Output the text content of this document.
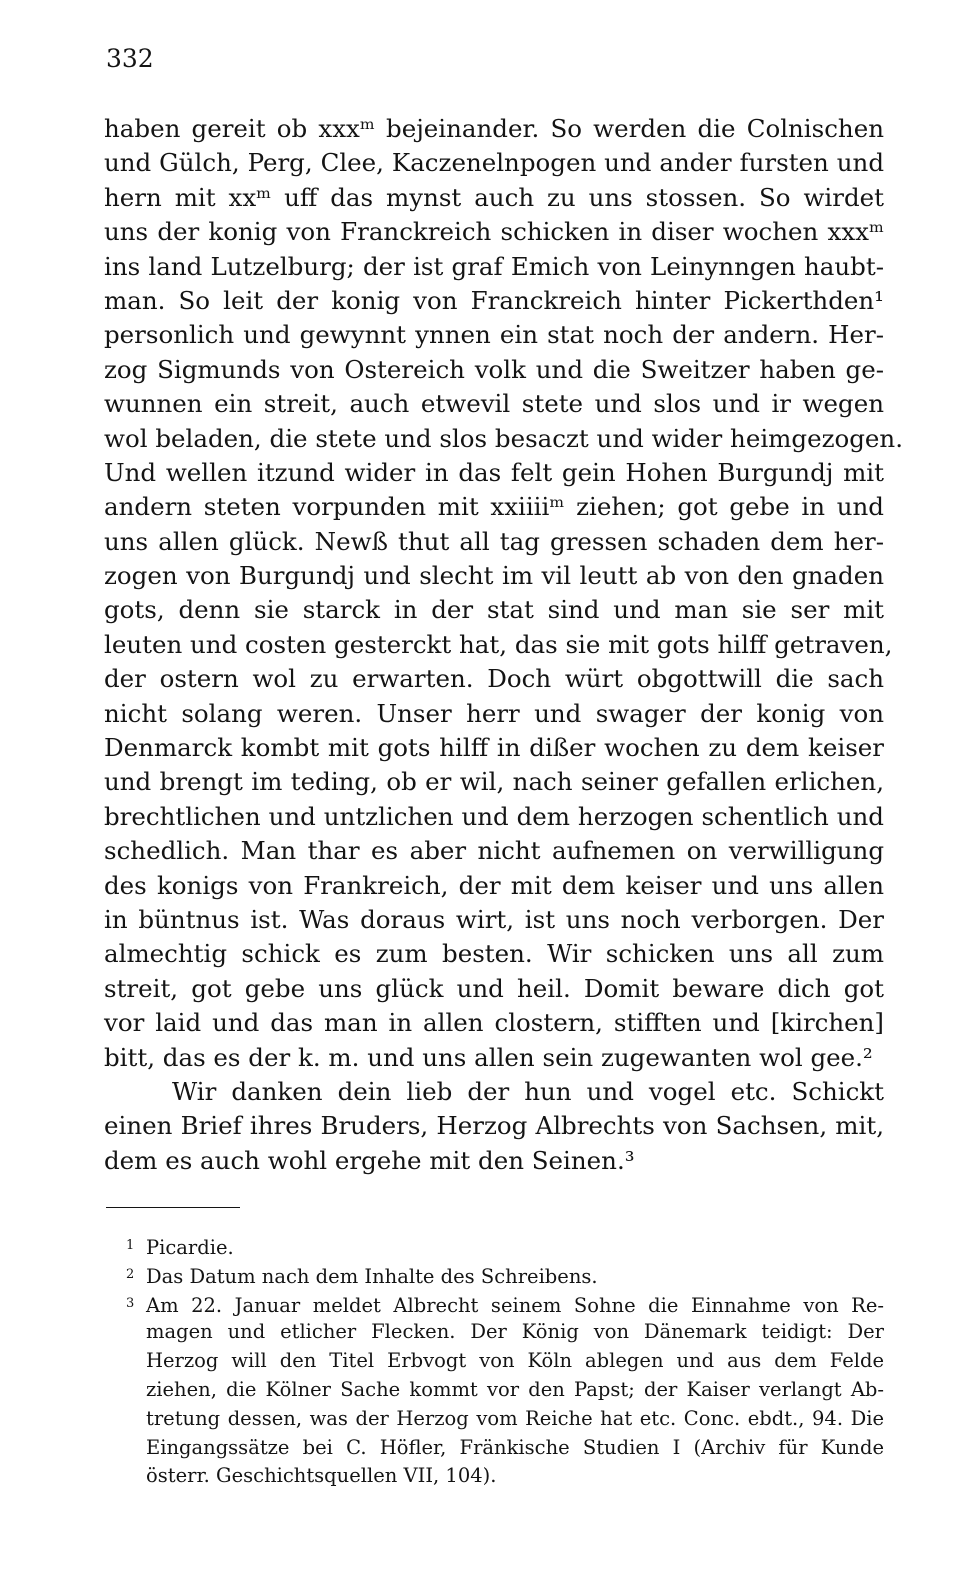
332
haben gereit ob xxxᵐ bejeinander. So werden die Colnischen
und Gülch, Perg, Clee, Kaczenelnpogen und ander fursten und
hern mit xxᵐ uff das mynst auch zu uns stossen. So wirdet
uns der konig von Franckreich schicken in diser wochen xxxᵐ
ins land Lutzelburg; der ist graf Emich von Leinynngen haubt-
man. So leit der konig von Franckreich hinter Pickerthden¹
personlich und gewynnt ynnen ein stat noch der andern. Her-
zog Sigmunds von Ostereich volk und die Sweitzer haben ge-
wunnen ein streit, auch etwevil stete und slos und ir wegen
wol beladen, die stete und slos besaczt und wider heimgezogen.
Und wellen itzund wider in das felt gein Hohen Burgundj mit
andern steten vorpunden mit xxiiiiᵐ ziehen; got gebe in und
uns allen glück. Newß thut all tag gressen schaden dem her-
zogen von Burgundj und slecht im vil leutt ab von den gnaden
gots, denn sie starck in der stat sind und man sie ser mit
leuten und costen gesterckt hat, das sie mit gots hilff getraven,
der ostern wol zu erwarten. Doch würt obgottwill die sach
nicht solang weren. Unser herr und swager der konig von
Denmarck kombt mit gots hilff in dißer wochen zu dem keiser
und brengt im teding, ob er wil, nach seiner gefallen erlichen,
brechtlichen und untzlichen und dem herzogen schentlich und
schedlich. Man thar es aber nicht aufnemen on verwilligung
des konigs von Frankreich, der mit dem keiser und uns allen
in büntnus ist. Was doraus wirt, ist uns noch verborgen. Der
almechtig schick es zum besten. Wir schicken uns all zum
streit, got gebe uns glück und heil. Domit beware dich got
vor laid und das man in allen clostern, stifften und [kirchen]
bitt, das es der k. m. und uns allen sein zugewanten wol gee.²
Wir danken dein lieb der hun und vogel etc. Schickt
einen Brief ihres Bruders, Herzog Albrechts von Sachsen, mit,
dem es auch wohl ergehe mit den Seinen.³
1 Picardie.
2 Das Datum nach dem Inhalte des Schreibens.
3 Am 22. Januar meldet Albrecht seinem Sohne die Einnahme von Re-
magen und etlicher Flecken. Der König von Dänemark teidigt: Der
Herzog will den Titel Erbvogt von Köln ablegen und aus dem Felde
ziehen, die Kölner Sache kommt vor den Papst; der Kaiser verlangt Ab-
tretung dessen, was der Herzog vom Reiche hat etc. Conc. ebdt., 94. Die
Eingangssätze bei C. Höfler, Fränkische Studien I (Archiv für Kunde
österr. Geschichtsquellen VII, 104).
